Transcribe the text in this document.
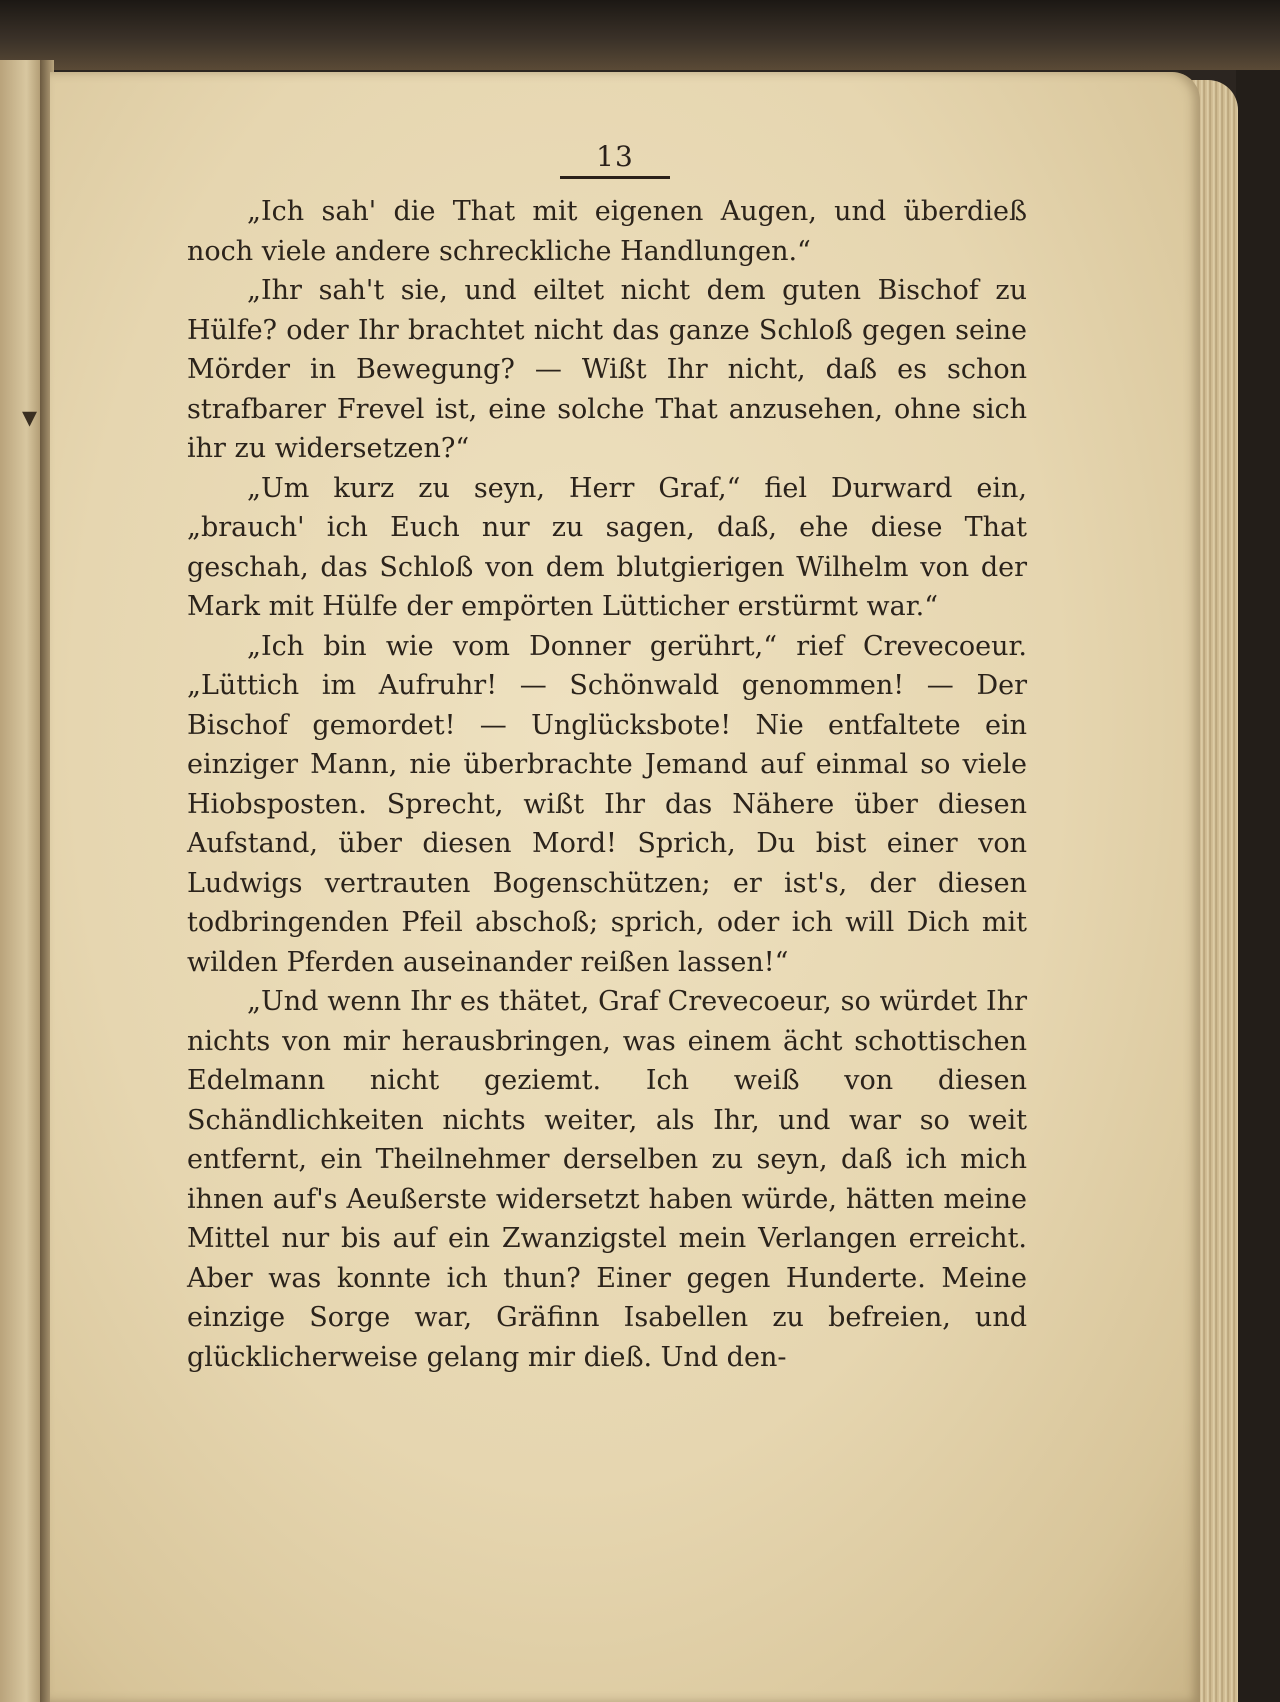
▾
13

„Ich sah' die That mit eigenen Augen, und überdieß noch viele andere schreckliche Handlungen.“

„Ihr sah't sie, und eiltet nicht dem guten Bischof zu Hülfe? oder Ihr brachtet nicht das ganze Schloß gegen seine Mörder in Bewegung? — Wißt Ihr nicht, daß es schon strafbarer Frevel ist, eine solche That anzusehen, ohne sich ihr zu widersetzen?“

„Um kurz zu seyn, Herr Graf,“ fiel Durward ein, „brauch' ich Euch nur zu sagen, daß, ehe diese That geschah, das Schloß von dem blutgierigen Wilhelm von der Mark mit Hülfe der empörten Lütticher erstürmt war.“

„Ich bin wie vom Donner gerührt,“ rief Crevecoeur. „Lüttich im Aufruhr! — Schönwald genommen! — Der Bischof gemordet! — Unglücksbote! Nie entfaltete ein einziger Mann, nie überbrachte Jemand auf einmal so viele Hiobsposten. Sprecht, wißt Ihr das Nähere über diesen Aufstand, über diesen Mord! Sprich, Du bist einer von Ludwigs vertrauten Bogenschützen; er ist's, der diesen todbringenden Pfeil abschoß; sprich, oder ich will Dich mit wilden Pferden auseinander reißen lassen!“

„Und wenn Ihr es thätet, Graf Crevecoeur, so würdet Ihr nichts von mir herausbringen, was einem ächt schottischen Edelmann nicht geziemt. Ich weiß von diesen Schändlichkeiten nichts weiter, als Ihr, und war so weit entfernt, ein Theilnehmer derselben zu seyn, daß ich mich ihnen auf's Aeußerste widersetzt haben würde, hätten meine Mittel nur bis auf ein Zwanzigstel mein Verlangen erreicht. Aber was konnte ich thun? Einer gegen Hunderte. Meine einzige Sorge war, Gräfinn Isabellen zu befreien, und glücklicherweise gelang mir dieß. Und den-
